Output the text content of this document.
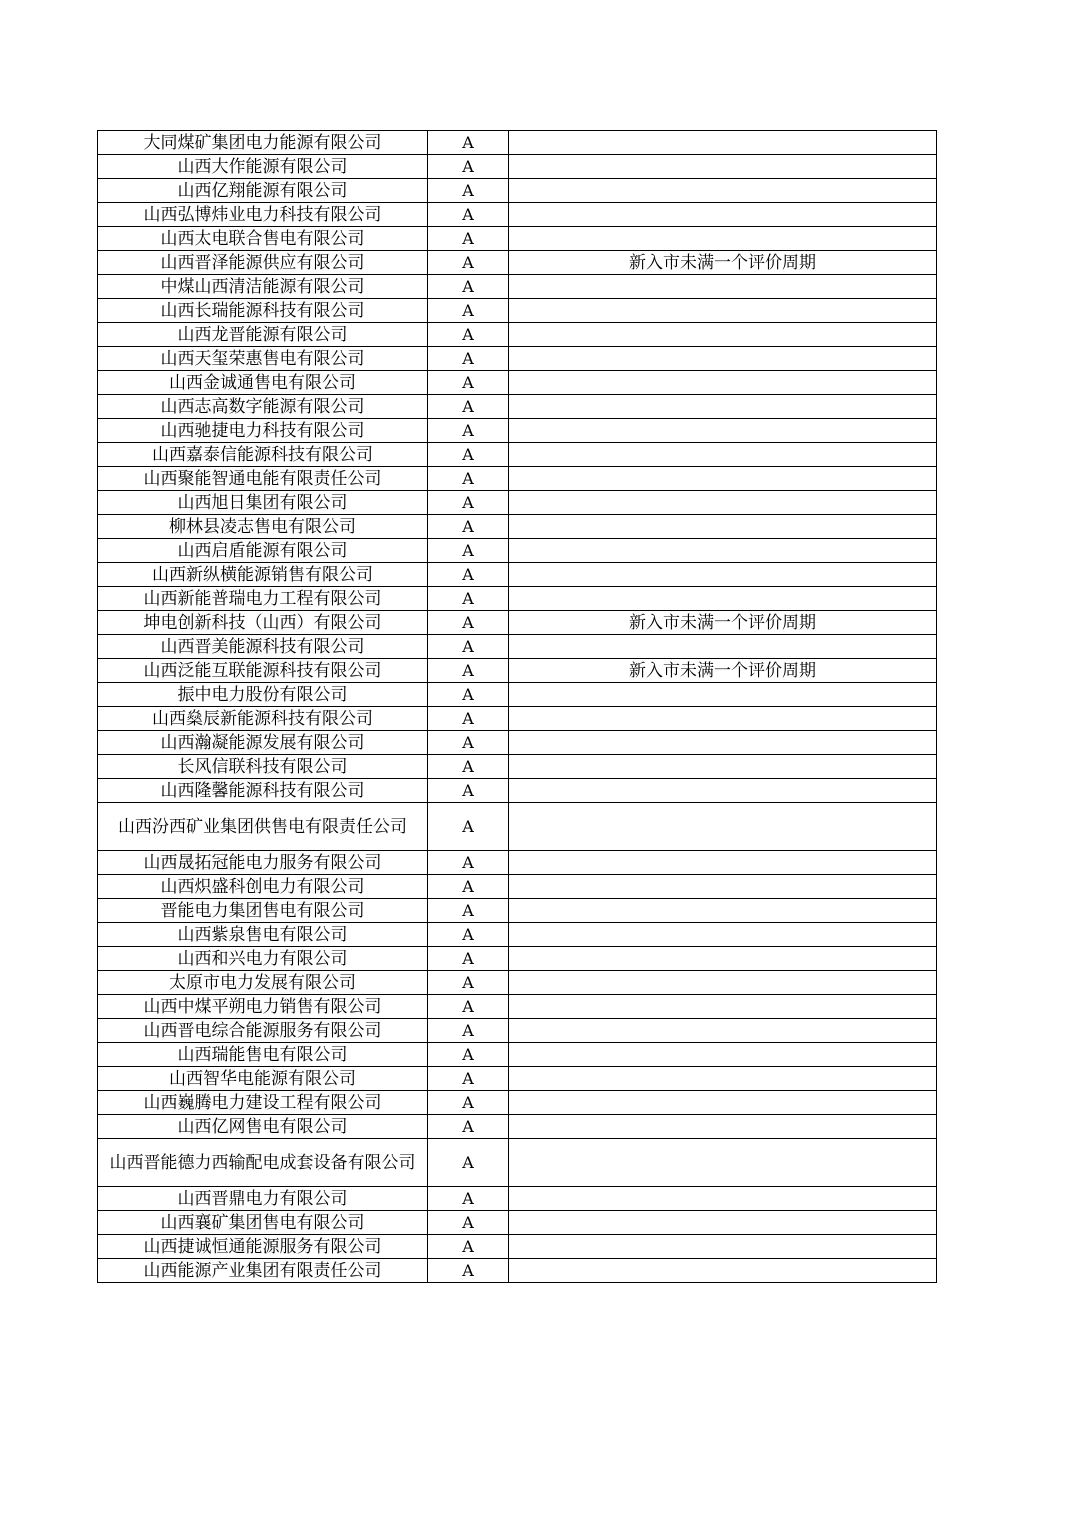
大同煤矿集团电力能源有限公司	A	
山西大作能源有限公司	A	
山西亿翔能源有限公司	A	
山西弘博炜业电力科技有限公司	A	
山西太电联合售电有限公司	A	
山西晋泽能源供应有限公司	A	新入市未满一个评价周期
中煤山西清洁能源有限公司	A	
山西长瑞能源科技有限公司	A	
山西龙晋能源有限公司	A	
山西天玺荣惠售电有限公司	A	
山西金诚通售电有限公司	A	
山西志高数字能源有限公司	A	
山西驰捷电力科技有限公司	A	
山西嘉泰信能源科技有限公司	A	
山西聚能智通电能有限责任公司	A	
山西旭日集团有限公司	A	
柳林县凌志售电有限公司	A	
山西启盾能源有限公司	A	
山西新纵横能源销售有限公司	A	
山西新能普瑞电力工程有限公司	A	
坤电创新科技（山西）有限公司	A	新入市未满一个评价周期
山西晋美能源科技有限公司	A	
山西泛能互联能源科技有限公司	A	新入市未满一个评价周期
振中电力股份有限公司	A	
山西燊辰新能源科技有限公司	A	
山西瀚凝能源发展有限公司	A	
长风信联科技有限公司	A	
山西隆馨能源科技有限公司	A	
山西汾西矿业集团供售电有限责任公司	A	
山西晟拓冠能电力服务有限公司	A	
山西炽盛科创电力有限公司	A	
晋能电力集团售电有限公司	A	
山西紫泉售电有限公司	A	
山西和兴电力有限公司	A	
太原市电力发展有限公司	A	
山西中煤平朔电力销售有限公司	A	
山西晋电综合能源服务有限公司	A	
山西瑞能售电有限公司	A	
山西智华电能源有限公司	A	
山西巍腾电力建设工程有限公司	A	
山西亿网售电有限公司	A	
山西晋能德力西输配电成套设备有限公司	A	
山西晋鼎电力有限公司	A	
山西襄矿集团售电有限公司	A	
山西捷诚恒通能源服务有限公司	A	
山西能源产业集团有限责任公司	A	
